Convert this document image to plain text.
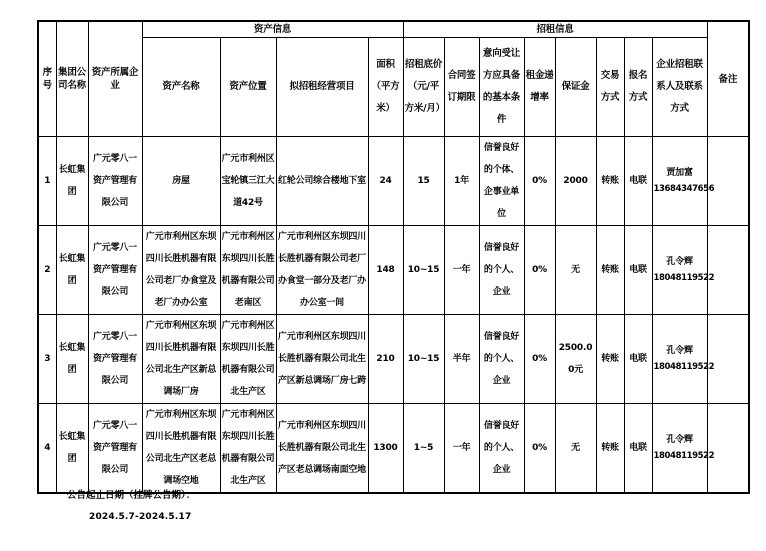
序号	集团公司名称	资产所属企业	资产信息				招租信息								备注
			资产名称	资产位置	拟招租经营项目	面积（平方米）	招租底价（元/平方米/月）	合同签订期限	意向受让方应具备的基本条件	租金递增率	保证金	交易方式	报名方式	企业招租联系人及联系方式	
1	长虹集团	广元零八一资产管理有限公司	房屋	广元市利州区宝轮镇三江大道42号	红轮公司综合楼地下室	24	15	1年	信誉良好的个体、企事业单位	0%	2000	转账	电联	贾加富
13684347656	

2	长虹集团	广元零八一资产管理有限公司	广元市利州区东坝四川长胜机器有限公司老厂办食堂及老厂办办公室	广元市利州区东坝四川长胜机器有限公司老南区	广元市利州区东坝四川长胜机器有限公司老厂办食堂一部分及老厂办办公室一间	148	10~15	一年	信誉良好的个人、企业	0%	无	转账	电联	孔令辉
18048119522	

3	长虹集团	广元零八一资产管理有限公司	广元市利州区东坝四川长胜机器有限公司北生产区新总调场厂房	广元市利州区东坝四川长胜机器有限公司北生产区	广元市利州区东坝四川长胜机器有限公司北生产区新总调场厂房七跨	210	10~15	半年	信誉良好的个人、企业	0%	2500.00元	转账	电联	孔令辉
18048119522	

4	长虹集团	广元零八一资产管理有限公司	广元市利州区东坝四川长胜机器有限公司北生产区老总调场空地	广元市利州区东坝四川长胜机器有限公司北生产区	广元市利州区东坝四川长胜机器有限公司北生产区老总调场南面空地	1300	1~5	一年	信誉良好的个人、企业	0%	无	转账	电联	孔令辉
18048119522	

公告起止日期（挂牌公告期）：
2024.5.7-2024.5.17
